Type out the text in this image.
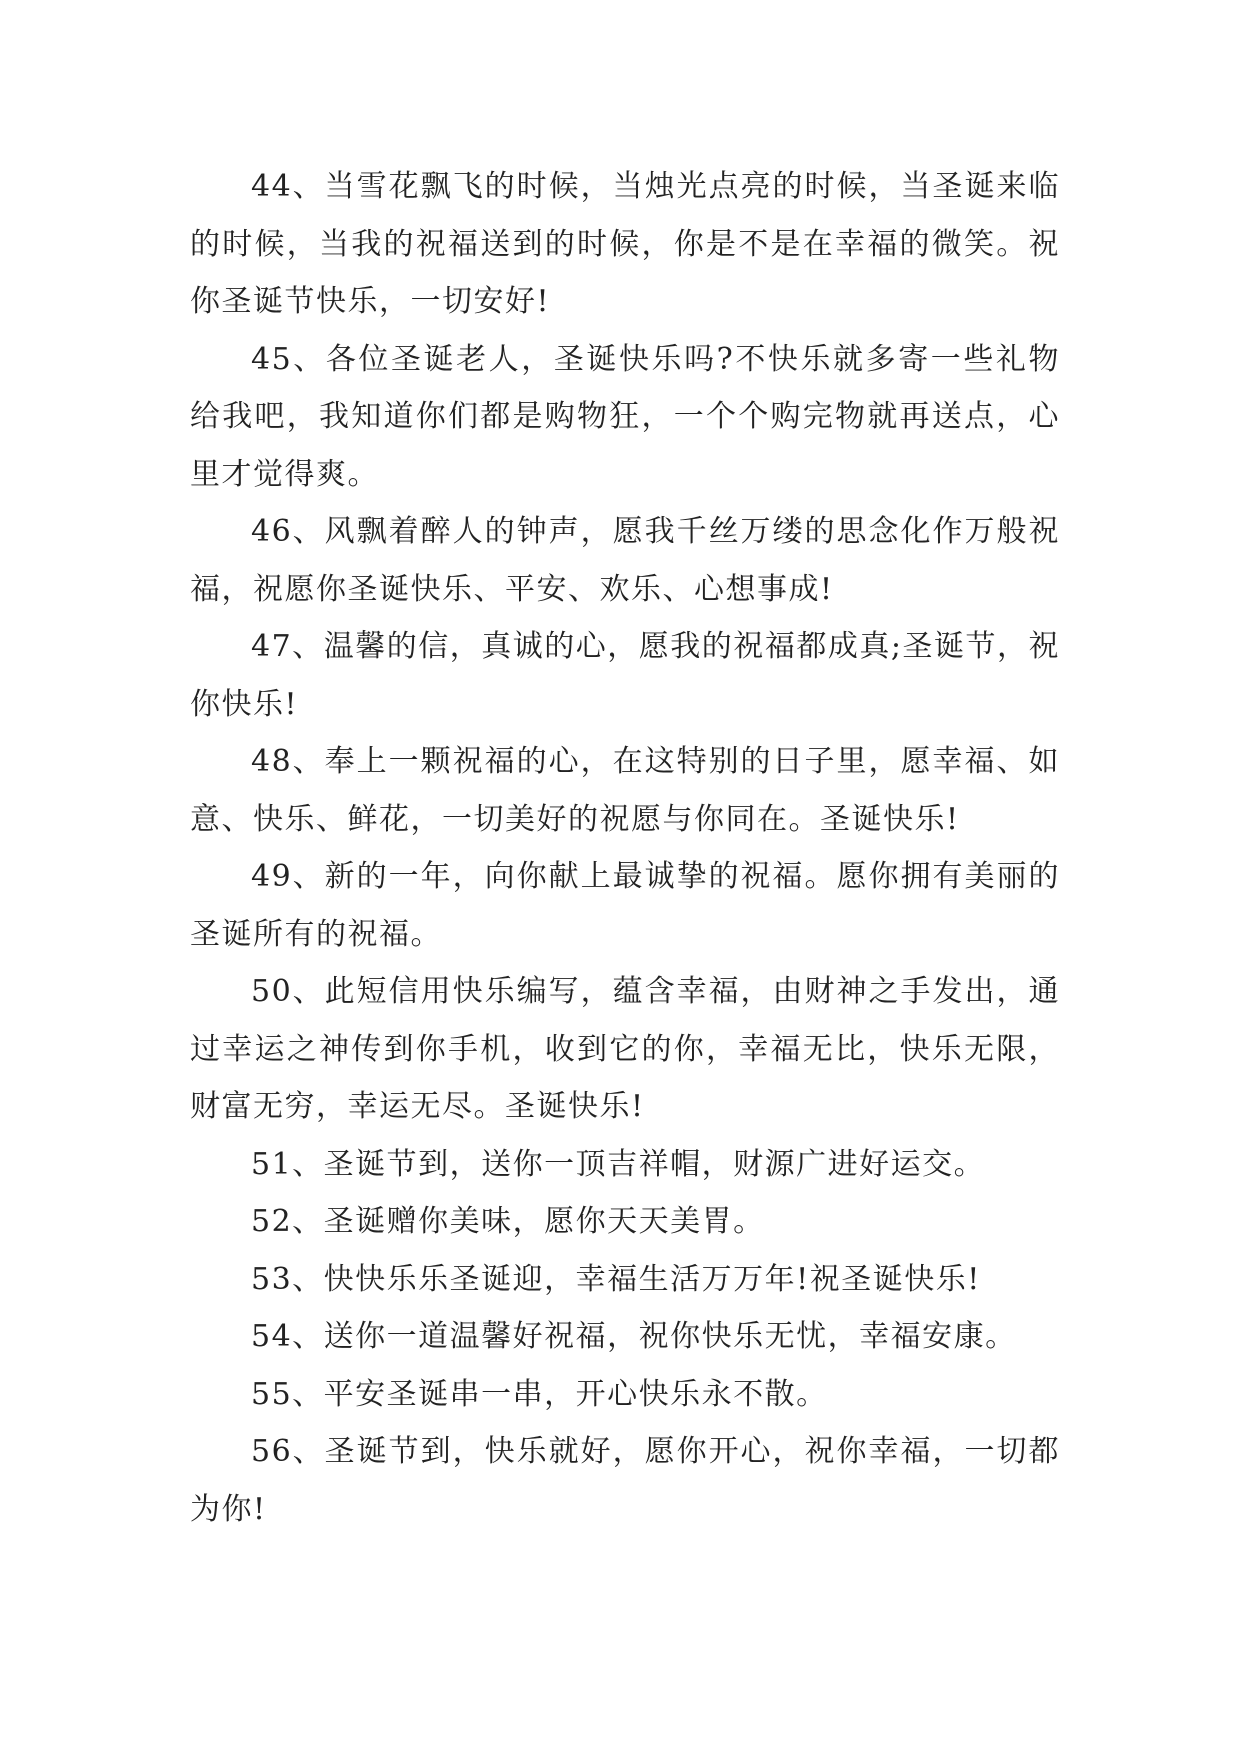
44、当雪花飘飞的时候，当烛光点亮的时候，当圣诞来临的时候，当我的祝福送到的时候，你是不是在幸福的微笑。祝你圣诞节快乐，一切安好!

45、各位圣诞老人，圣诞快乐吗?不快乐就多寄一些礼物给我吧，我知道你们都是购物狂，一个个购完物就再送点，心里才觉得爽。

46、风飘着醉人的钟声，愿我千丝万缕的思念化作万般祝福，祝愿你圣诞快乐、平安、欢乐、心想事成!

47、温馨的信，真诚的心，愿我的祝福都成真;圣诞节，祝你快乐!

48、奉上一颗祝福的心，在这特别的日子里，愿幸福、如意、快乐、鲜花，一切美好的祝愿与你同在。圣诞快乐!

49、新的一年，向你献上最诚挚的祝福。愿你拥有美丽的圣诞所有的祝福。

50、此短信用快乐编写，蕴含幸福，由财神之手发出，通过幸运之神传到你手机，收到它的你，幸福无比，快乐无限，财富无穷，幸运无尽。圣诞快乐!

51、圣诞节到，送你一顶吉祥帽，财源广进好运交。

52、圣诞赠你美味，愿你天天美胃。

53、快快乐乐圣诞迎，幸福生活万万年!祝圣诞快乐!

54、送你一道温馨好祝福，祝你快乐无忧，幸福安康。

55、平安圣诞串一串，开心快乐永不散。

56、圣诞节到，快乐就好，愿你开心，祝你幸福，一切都为你!
